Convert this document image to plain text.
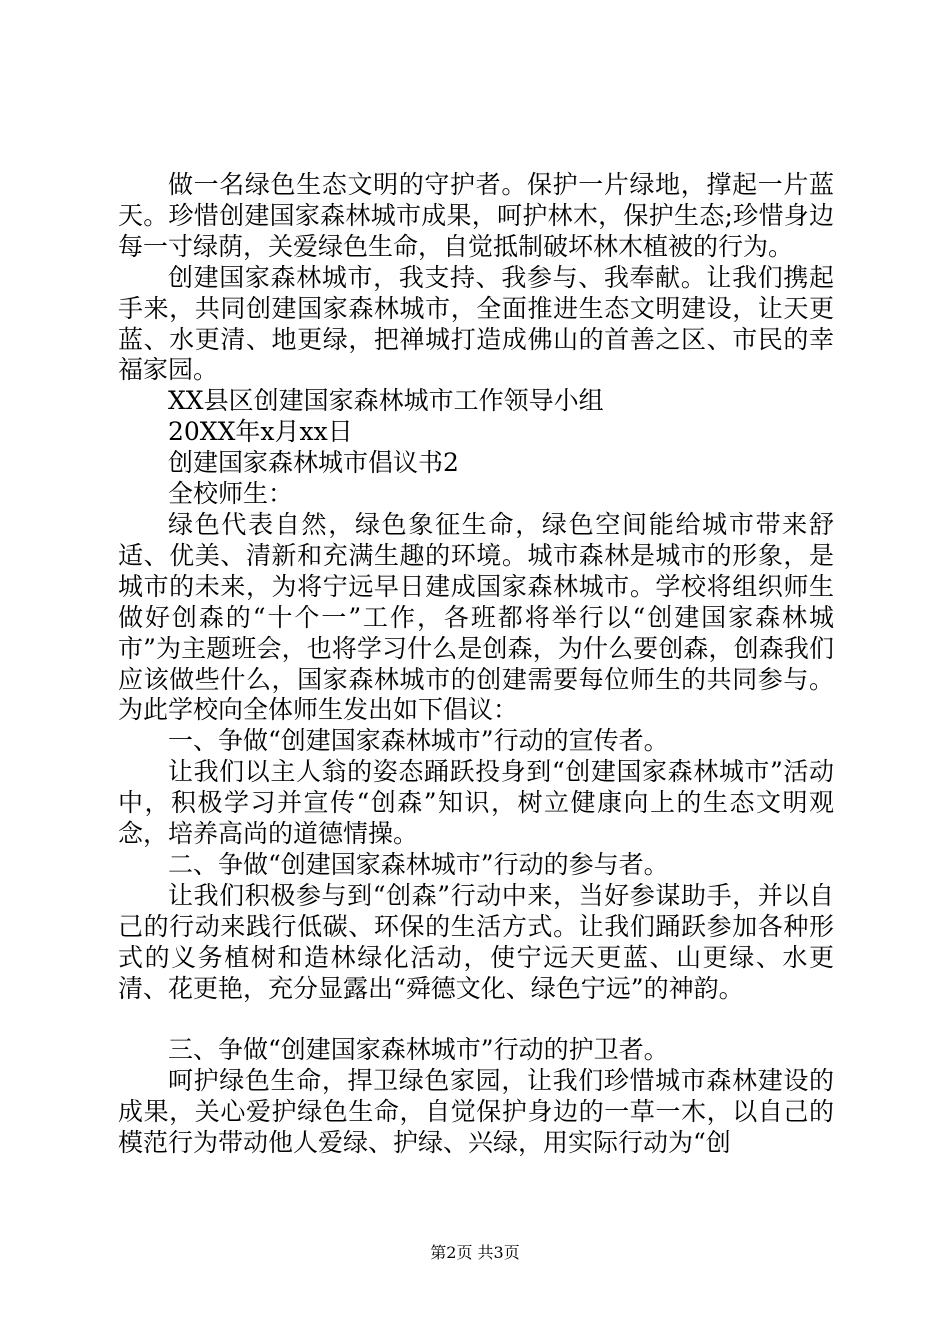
做一名绿色生态文明的守护者。保护一片绿地，撑起一片蓝天。珍惜创建国家森林城市成果，呵护林木，保护生态;珍惜身边每一寸绿荫，关爱绿色生命，自觉抵制破坏林木植被的行为。

创建国家森林城市，我支持、我参与、我奉献。让我们携起手来，共同创建国家森林城市，全面推进生态文明建设，让天更蓝、水更清、地更绿，把禅城打造成佛山的首善之区、市民的幸福家园。

XX县区创建国家森林城市工作领导小组

20XX年x月xx日

创建国家森林城市倡议书2

全校师生：

绿色代表自然，绿色象征生命，绿色空间能给城市带来舒适、优美、清新和充满生趣的环境。城市森林是城市的形象，是城市的未来，为将宁远早日建成国家森林城市。学校将组织师生做好创森的“十个一”工作，各班都将举行以“创建国家森林城市”为主题班会，也将学习什么是创森，为什么要创森，创森我们应该做些什么，国家森林城市的创建需要每位师生的共同参与。为此学校向全体师生发出如下倡议：

一、争做“创建国家森林城市”行动的宣传者。

让我们以主人翁的姿态踊跃投身到“创建国家森林城市”活动中，积极学习并宣传“创森”知识，树立健康向上的生态文明观念，培养高尚的道德情操。

二、争做“创建国家森林城市”行动的参与者。

让我们积极参与到“创森”行动中来，当好参谋助手，并以自己的行动来践行低碳、环保的生活方式。让我们踊跃参加各种形式的义务植树和造林绿化活动，使宁远天更蓝、山更绿、水更清、花更艳，充分显露出“舜德文化、绿色宁远”的神韵。

三、争做“创建国家森林城市”行动的护卫者。

呵护绿色生命，捍卫绿色家园，让我们珍惜城市森林建设的成果，关心爱护绿色生命，自觉保护身边的一草一木，以自己的模范行为带动他人爱绿、护绿、兴绿，用实际行动为“创

第2页 共3页
